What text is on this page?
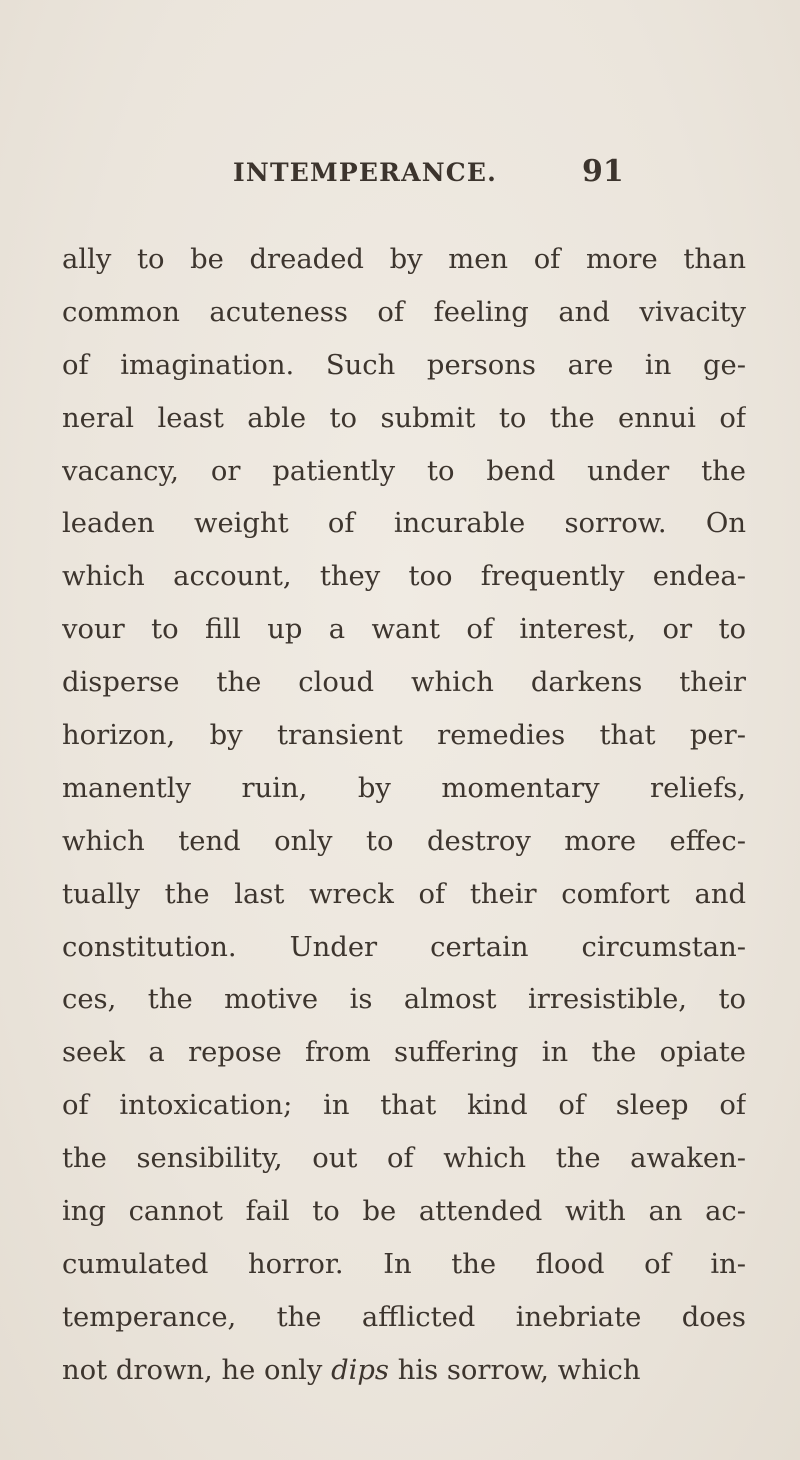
INTEMPERANCE.	91
ally to be dreaded by men of more than
common acuteness of feeling and vivacity
of imagination. Such persons are in ge-
neral least able to submit to the ennui of
vacancy, or patiently to bend under the
leaden weight of incurable sorrow. On
which account, they too frequently endea-
vour to fill up a want of interest, or to
disperse the cloud which darkens their
horizon, by transient remedies that per-
manently ruin, by momentary reliefs,
which tend only to destroy more effec-
tually the last wreck of their comfort and
constitution. Under certain circumstan-
ces, the motive is almost irresistible, to
seek a repose from suffering in the opiate
of intoxication; in that kind of sleep of
the sensibility, out of which the awaken-
ing cannot fail to be attended with an ac-
cumulated horror. In the flood of in-
temperance, the afflicted inebriate does
not drown, he only dips his sorrow, which
